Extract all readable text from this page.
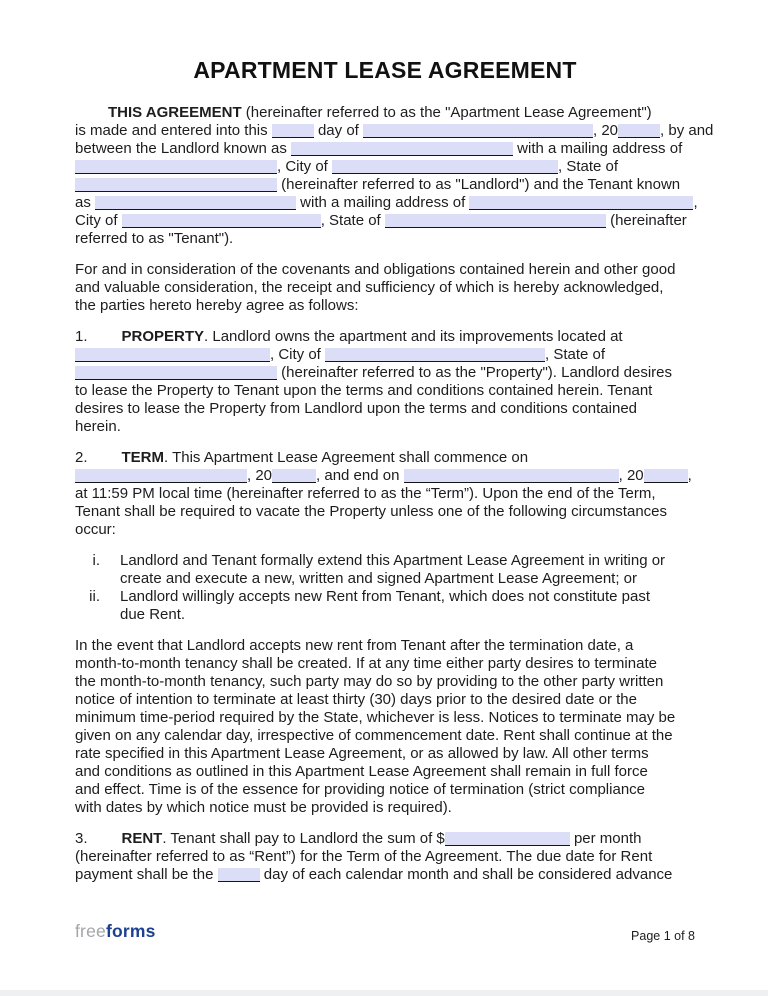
APARTMENT LEASE AGREEMENT
THIS AGREEMENT (hereinafter referred to as the "Apartment Lease Agreement")
is made and entered into this	day of	, 20	, by and
between the Landlord known as	with a mailing address of
, City of	, State of
(hereinafter referred to as "Landlord") and the Tenant known
as	with a mailing address of	,
City of	, State of	(hereinafter
referred to as "Tenant").
For and in consideration of the covenants and obligations contained herein and other good
and valuable consideration, the receipt and sufficiency of which is hereby acknowledged,
the parties hereto hereby agree as follows:
1. PROPERTY. Landlord owns the apartment and its improvements located at
, City of	, State of
(hereinafter referred to as the "Property"). Landlord desires
to lease the Property to Tenant upon the terms and conditions contained herein. Tenant
desires to lease the Property from Landlord upon the terms and conditions contained
herein.
2. TERM. This Apartment Lease Agreement shall commence on
, 20	, and end on	, 20	,
at 11:59 PM local time (hereinafter referred to as the “Term”). Upon the end of the Term,
Tenant shall be required to vacate the Property unless one of the following circumstances
occur:
i. Landlord and Tenant formally extend this Apartment Lease Agreement in writing or
create and execute a new, written and signed Apartment Lease Agreement; or
ii. Landlord willingly accepts new Rent from Tenant, which does not constitute past
due Rent.
In the event that Landlord accepts new rent from Tenant after the termination date, a
month-to-month tenancy shall be created. If at any time either party desires to terminate
the month-to-month tenancy, such party may do so by providing to the other party written
notice of intention to terminate at least thirty (30) days prior to the desired date or the
minimum time-period required by the State, whichever is less. Notices to terminate may be
given on any calendar day, irrespective of commencement date. Rent shall continue at the
rate specified in this Apartment Lease Agreement, or as allowed by law. All other terms
and conditions as outlined in this Apartment Lease Agreement shall remain in full force
and effect. Time is of the essence for providing notice of termination (strict compliance
with dates by which notice must be provided is required).
3. RENT. Tenant shall pay to Landlord the sum of $	per month
(hereinafter referred to as “Rent”) for the Term of the Agreement. The due date for Rent
payment shall be the	day of each calendar month and shall be considered advance
freeforms	Page 1 of 8
